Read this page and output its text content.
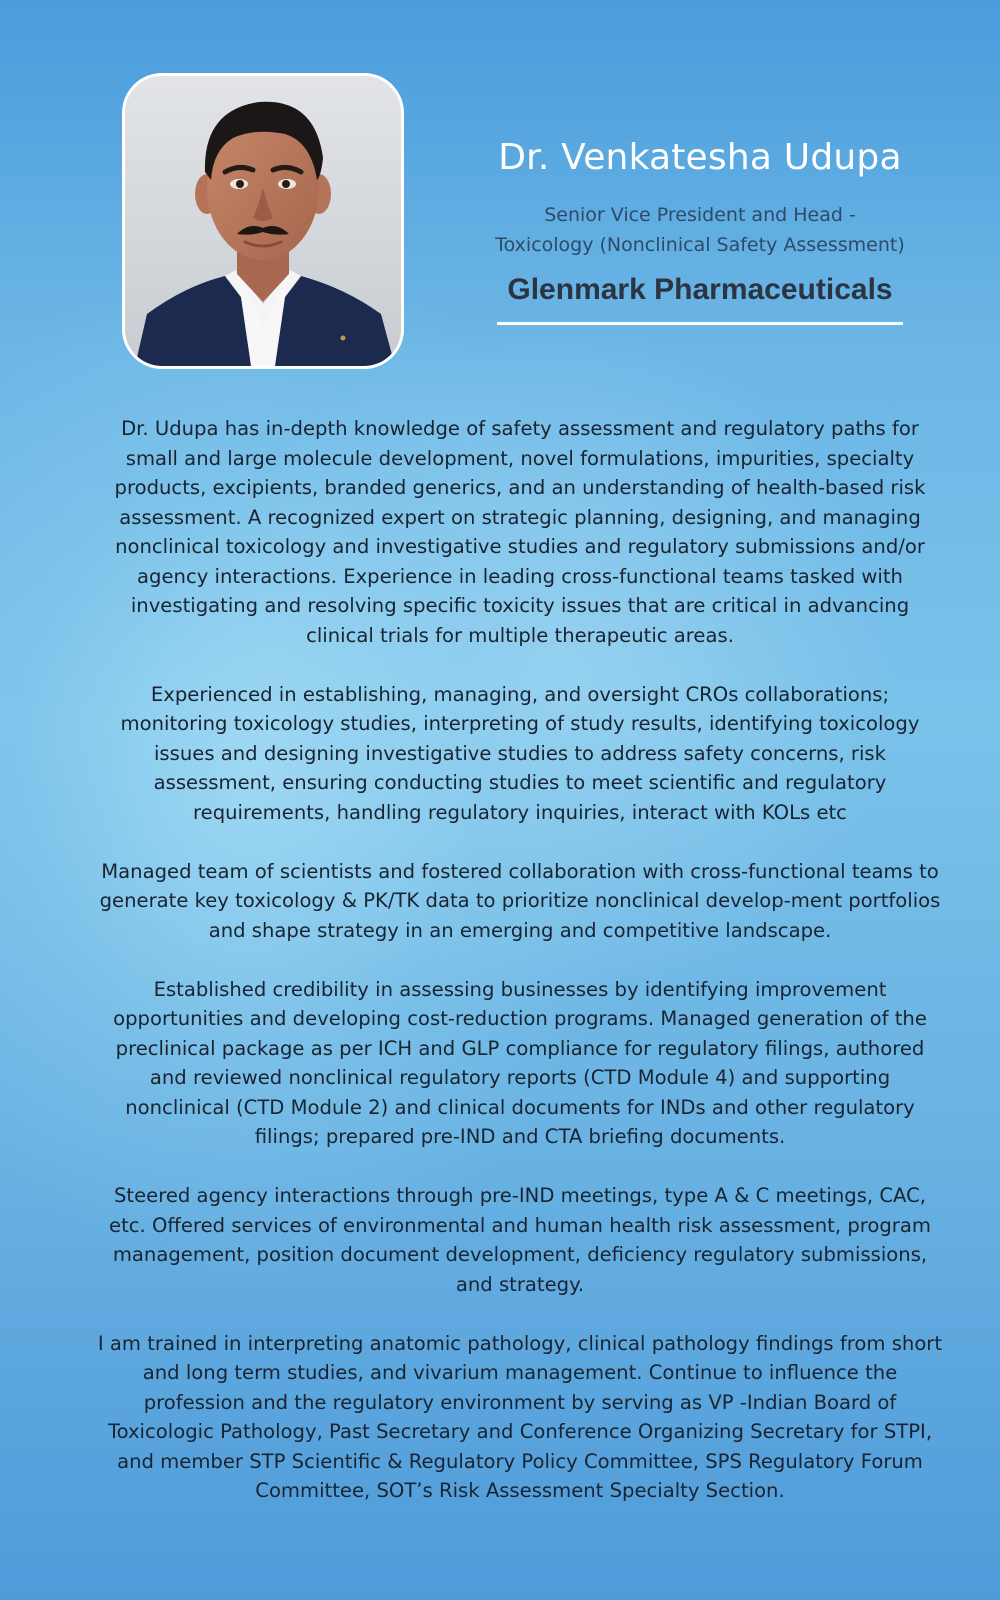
Dr. Venkatesha Udupa
Senior Vice President and Head -
Toxicology (Nonclinical Safety Assessment)
Glenmark Pharmaceuticals

Dr. Udupa has in-depth knowledge of safety assessment and regulatory paths for small and large molecule development, novel formulations, impurities, specialty products, excipients, branded generics, and an understanding of health-based risk assessment. A recognized expert on strategic planning, designing, and managing nonclinical toxicology and investigative studies and regulatory submissions and/or agency interactions. Experience in leading cross-functional teams tasked with investigating and resolving specific toxicity issues that are critical in advancing clinical trials for multiple therapeutic areas.

Experienced in establishing, managing, and oversight CROs collaborations; monitoring toxicology studies, interpreting of study results, identifying toxicology issues and designing investigative studies to address safety concerns, risk assessment, ensuring conducting studies to meet scientific and regulatory requirements, handling regulatory inquiries, interact with KOLs etc

Managed team of scientists and fostered collaboration with cross-functional teams to generate key toxicology & PK/TK data to prioritize nonclinical develop-ment portfolios and shape strategy in an emerging and competitive landscape.

Established credibility in assessing businesses by identifying improvement opportunities and developing cost-reduction programs. Managed generation of the preclinical package as per ICH and GLP compliance for regulatory filings, authored and reviewed nonclinical regulatory reports (CTD Module 4) and supporting nonclinical (CTD Module 2) and clinical documents for INDs and other regulatory filings; prepared pre-IND and CTA briefing documents.

Steered agency interactions through pre-IND meetings, type A & C meetings, CAC, etc. Offered services of environmental and human health risk assessment, program management, position document development, deficiency regulatory submissions, and strategy.

I am trained in interpreting anatomic pathology, clinical pathology findings from short and long term studies, and vivarium management. Continue to influence the profession and the regulatory environment by serving as VP -Indian Board of Toxicologic Pathology, Past Secretary and Conference Organizing Secretary for STPI, and member STP Scientific & Regulatory Policy Committee, SPS Regulatory Forum Committee, SOT’s Risk Assessment Specialty Section.
